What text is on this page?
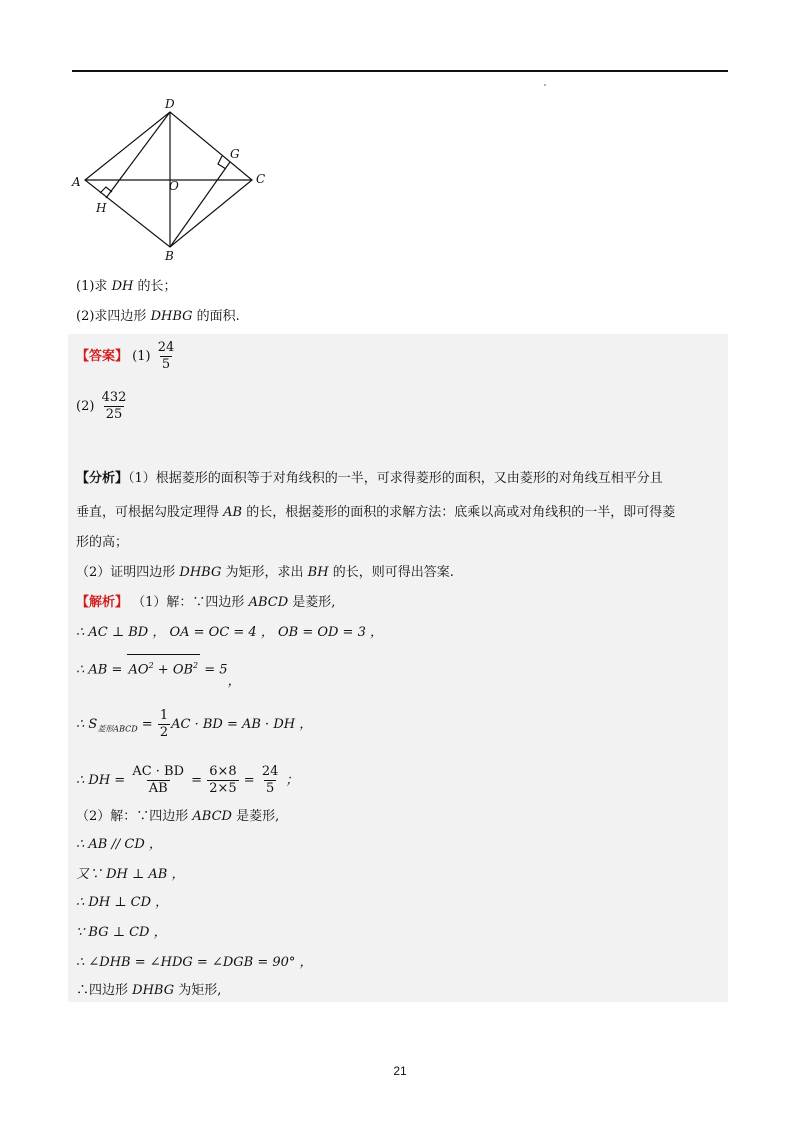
D
G
A	O	C
H
B
(1)求 DH 的长；
(2)求四边形 DHBG 的面积.
【答案】 $(1) \frac{24}{5}$
$(2) \frac{432}{25}$
【分析】（1）根据菱形的面积等于对角线积的一半，可求得菱形的面积，又由菱形的对角线互相平分且
垂直，可根据勾股定理得 AB 的长，根据菱形的面积的求解方法：底乘以高或对角线积的一半，即可得菱
形的高；
（2）证明四边形 DHBG 为矩形，求出 BH 的长，则可得出答案.
【解析】 （1）解：∵四边形 ABCD 是菱形,
∴ AC ⊥ BD ， OA = OC = 4 ， OB = OD = 3 ，
∴ AB = $AO^2 + OB^2 = 5$，
∴ $S_{菱形ABCD} = \frac{1}{2}$ AC · BD = AB · DH ，
∴ DH = $\frac{AC \cdot BD}{AB} = \frac{6\times 8}{2\times 5} = \frac{24}{5}$ ；
（2）解：∵四边形 ABCD 是菱形,
∴ AB // CD ，
又∵ DH ⊥ AB ，
∴ DH ⊥ CD ，
∵ BG ⊥ CD ，
∴ ∠DHB = ∠HDG = ∠DGB = 90° ，
∴四边形 DHBG 为矩形,
21
